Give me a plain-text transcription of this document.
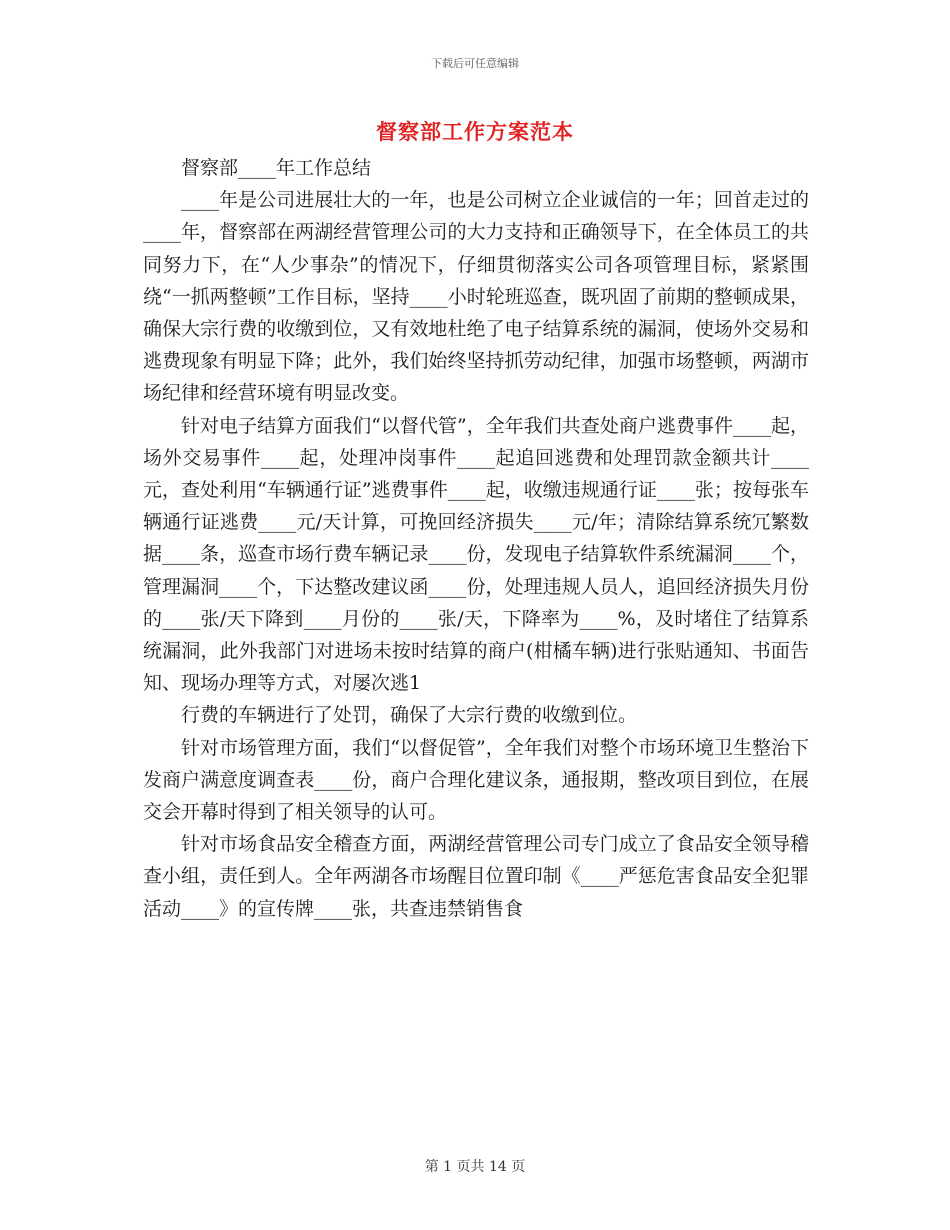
下载后可任意编辑
督察部工作方案范本

督察部____年工作总结

____年是公司进展壮大的一年，也是公司树立企业诚信的一年；回首走过的____年，督察部在两湖经营管理公司的大力支持和正确领导下，在全体员工的共同努力下，在“人少事杂”的情况下，仔细贯彻落实公司各项管理目标，紧紧围绕“一抓两整顿”工作目标，坚持____小时轮班巡查，既巩固了前期的整顿成果，确保大宗行费的收缴到位，又有效地杜绝了电子结算系统的漏洞，使场外交易和逃费现象有明显下降；此外，我们始终坚持抓劳动纪律，加强市场整顿，两湖市场纪律和经营环境有明显改变。

针对电子结算方面我们“以督代管”，全年我们共查处商户逃费事件____起，场外交易事件____起，处理冲岗事件____起追回逃费和处理罚款金额共计____元，查处利用“车辆通行证”逃费事件____起，收缴违规通行证____张；按每张车辆通行证逃费____元/天计算，可挽回经济损失____元/年；清除结算系统冗繁数据____条，巡查市场行费车辆记录____份，发现电子结算软件系统漏洞____个，管理漏洞____个，下达整改建议函____份，处理违规人员人，追回经济损失月份的____张/天下降到____月份的____张/天，下降率为____%，及时堵住了结算系统漏洞，此外我部门对进场未按时结算的商户(柑橘车辆)进行张贴通知、书面告知、现场办理等方式，对屡次逃1

行费的车辆进行了处罚，确保了大宗行费的收缴到位。

针对市场管理方面，我们“以督促管”，全年我们对整个市场环境卫生整治下发商户满意度调查表____份，商户合理化建议条，通报期，整改项目到位，在展交会开幕时得到了相关领导的认可。

针对市场食品安全稽查方面，两湖经营管理公司专门成立了食品安全领导稽查小组，责任到人。全年两湖各市场醒目位置印制《____严惩危害食品安全犯罪活动____》的宣传牌____张，共查违禁销售食

第 1 页共 14 页
